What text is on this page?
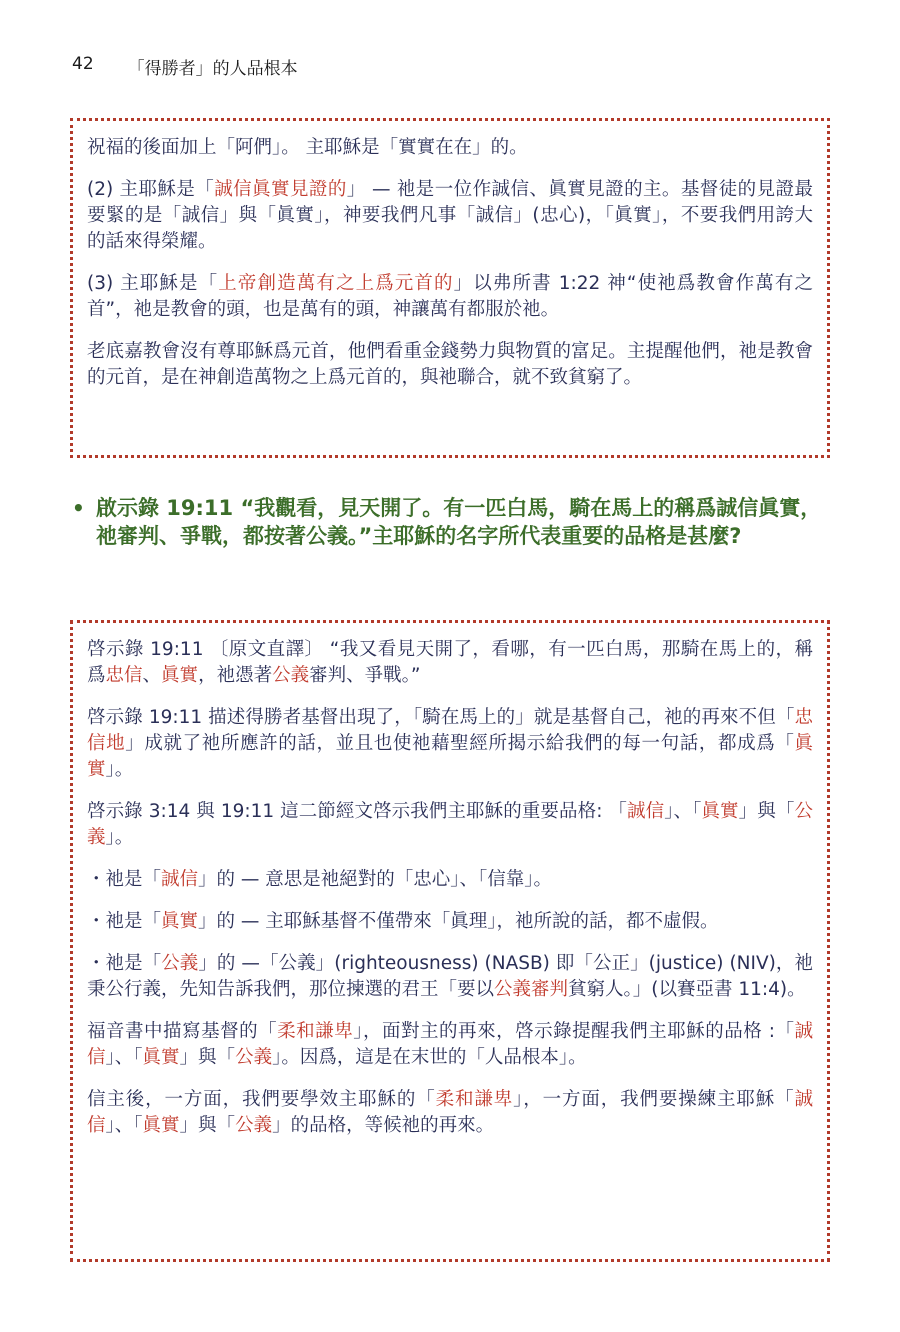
42 「得勝者」的人品根本

祝福的後面加上「阿們」。 主耶穌是「實實在在」的。

(2) 主耶穌是「誠信眞實見證的」 — 祂是一位作誠信、眞實見證的主。基督徒的見證最要緊的是「誠信」與「眞實」，神要我們凡事「誠信」(忠心)，「眞實」，不要我們用誇大的話來得榮耀。

(3) 主耶穌是「上帝創造萬有之上爲元首的」以弗所書 1:22 神“使祂爲教會作萬有之首”，祂是教會的頭，也是萬有的頭，神讓萬有都服於祂。

老底嘉教會沒有尊耶穌爲元首，他們看重金錢勢力與物質的富足。主提醒他們，祂是教會的元首，是在神創造萬物之上爲元首的，與祂聯合，就不致貧窮了。

• 啟示錄 19:11 “我觀看，見天開了。有一匹白馬，騎在馬上的稱爲誠信眞實，祂審判、爭戰，都按著公義。”主耶穌的名字所代表重要的品格是甚麼?

啓示錄 19:11 〔原文直譯〕 “我又看見天開了，看哪，有一匹白馬，那騎在馬上的，稱爲忠信、眞實，祂憑著公義審判、爭戰。”

啓示錄 19:11 描述得勝者基督出現了，「騎在馬上的」就是基督自己，祂的再來不但「忠信地」成就了祂所應許的話，並且也使祂藉聖經所揭示給我們的每一句話，都成爲「眞實」。

啓示錄 3:14 與 19:11 這二節經文啓示我們主耶穌的重要品格: 「誠信」、「眞實」與「公義」。

・祂是「誠信」的 — 意思是祂絕對的「忠心」、「信靠」。

・祂是「眞實」的 — 主耶穌基督不僅帶來「眞理」，祂所說的話，都不虛假。

・祂是「公義」的 —「公義」(righteousness) (NASB) 即「公正」(justice) (NIV)，祂秉公行義，先知告訴我們，那位揀選的君王「要以公義審判貧窮人。」(以賽亞書 11:4)。

福音書中描寫基督的「柔和謙卑」，面對主的再來，啓示錄提醒我們主耶穌的品格 :「誠信」、「眞實」與「公義」。因爲，這是在末世的「人品根本」。

信主後，一方面，我們要學效主耶穌的「柔和謙卑」，一方面，我們要操練主耶穌「誠信」、「眞實」與「公義」的品格，等候祂的再來。
